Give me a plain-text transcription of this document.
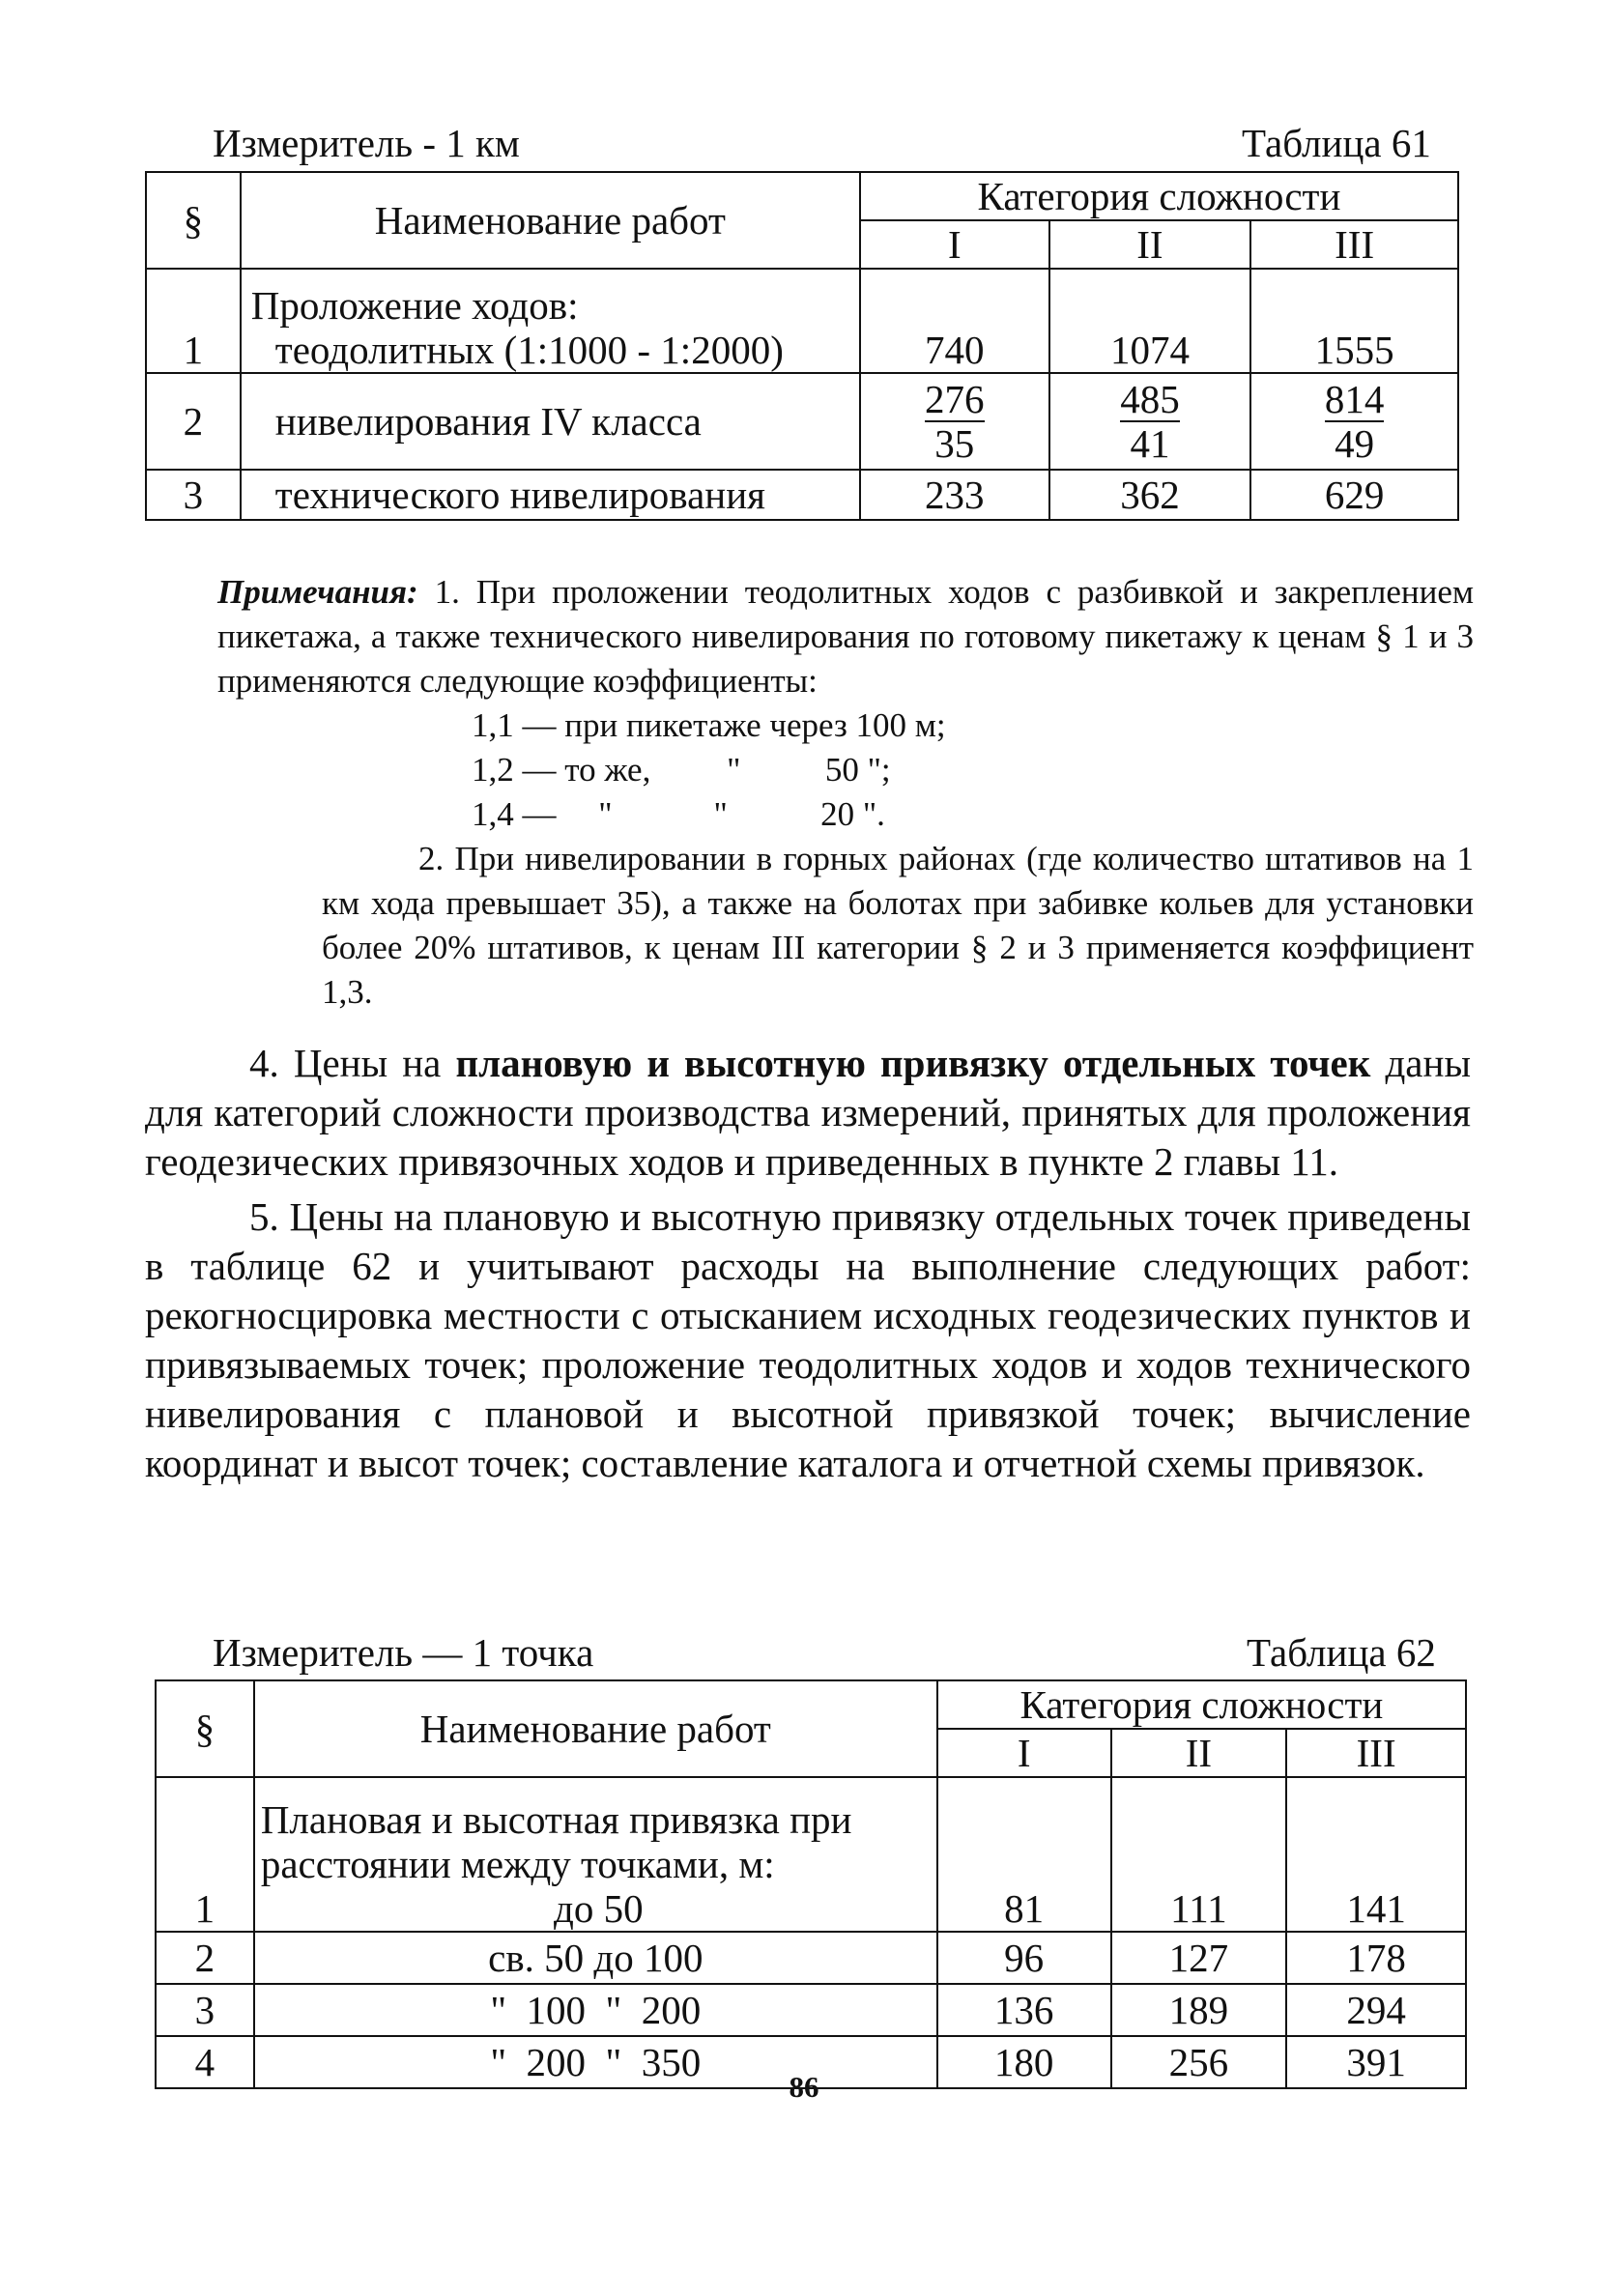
Измеритель - 1 км	Таблица 61
§	Наименование работ	Категория сложности		
		I	II	III
1	Проложение ходов:
теодолитных (1:1000 - 1:2000)	740	1074	1555
2	нивелирования IV класса	$\frac{276}{35}$	$\frac{485}{41}$	$\frac{814}{49}$

3	технического нивелирования	233	362	629

Примечания: 1. При проложении теодолитных ходов с разбивкой и закреплением пикетажа, а также технического нивелирования по готовому пикетажу к ценам § 1 и 3 применяются следующие коэффициенты:

1,1 — при пикетаже через 100 м;
1,2 — то же,         "          50 ";
1,4 —     "            "           20 ".

2. При нивелировании в горных районах (где количество штативов на 1 км хода превышает 35), а также на болотах при забивке кольев для установки более 20% штативов, к ценам III категории § 2 и 3 применяется коэффициент 1,3.

4. Цены на плановую и высотную привязку отдельных точек даны для категорий сложности производства измерений, принятых для проложения геодезических привязочных ходов и приведенных в пункте 2 главы 11.

5. Цены на плановую и высотную привязку отдельных точек приведены в таблице 62 и учитывают расходы на выполнение следующих работ: рекогносцировка местности с отысканием исходных геодезических пунктов и привязываемых точек; проложение теодолитных ходов и ходов технического нивелирования с плановой и высотной привязкой точек; вычисление координат и высот точек; составление каталога и отчетной схемы привязок.

Измеритель — 1 точка	Таблица 62
§	Наименование работ	Категория сложности		
		I	II	III
1	Плановая и высотная привязка при
расстоянии между точками, м:
до 50	81	111	141
2	св. 50 до 100	96	127	178
3	"  100  "  200	136	189	294
4	"  200  "  350	180	256	391
86
